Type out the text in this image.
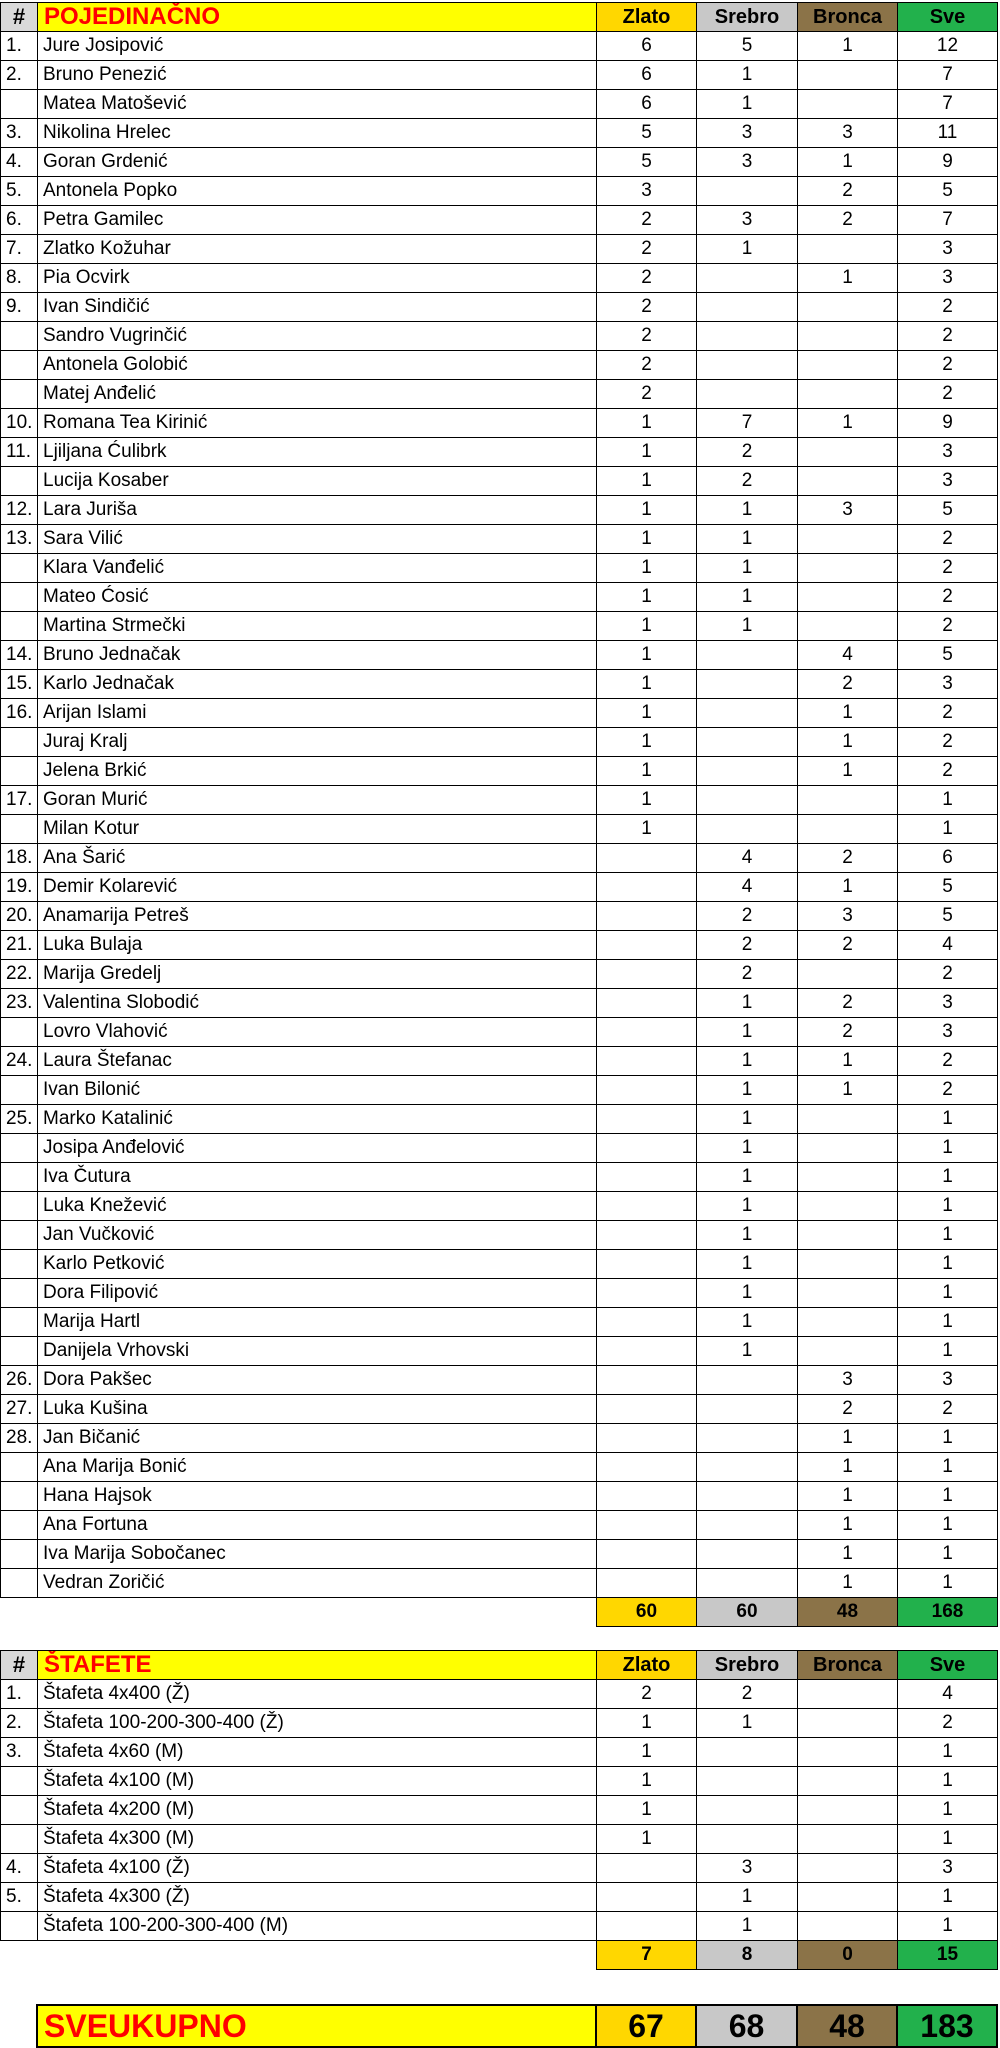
#	POJEDINAČNO	Zlato	Srebro	Bronca	Sve
1.	Jure Josipović	6	5	1	12
2.	Bruno Penezić	6	1		7
	Matea Matošević	6	1		7
3.	Nikolina Hrelec	5	3	3	11
4.	Goran Grdenić	5	3	1	9
5.	Antonela Popko	3		2	5
6.	Petra Gamilec	2	3	2	7
7.	Zlatko Kožuhar	2	1		3
8.	Pia Ocvirk	2		1	3
9.	Ivan Sindičić	2			2
	Sandro Vugrinčić	2			2
	Antonela Golobić	2			2
	Matej Anđelić	2			2
10.	Romana Tea Kirinić	1	7	1	9
11.	Ljiljana Ćulibrk	1	2		3
	Lucija Kosaber	1	2		3
12.	Lara Juriša	1	1	3	5
13.	Sara Vilić	1	1		2
	Klara Vanđelić	1	1		2
	Mateo Ćosić	1	1		2
	Martina Strmečki	1	1		2
14.	Bruno Jednačak	1		4	5
15.	Karlo Jednačak	1		2	3
16.	Arijan Islami	1		1	2
	Juraj Kralj	1		1	2
	Jelena Brkić	1		1	2
17.	Goran Murić	1			1
	Milan Kotur	1			1
18.	Ana Šarić		4	2	6
19.	Demir Kolarević		4	1	5
20.	Anamarija Petreš		2	3	5
21.	Luka Bulaja		2	2	4
22.	Marija Gredelj		2		2
23.	Valentina Slobodić		1	2	3
	Lovro Vlahović		1	2	3
24.	Laura Štefanac		1	1	2
	Ivan Bilonić		1	1	2
25.	Marko Katalinić		1		1
	Josipa Anđelović		1		1
	Iva Čutura		1		1
	Luka Knežević		1		1
	Jan Vučković		1		1
	Karlo Petković		1		1
	Dora Filipović		1		1
	Marija Hartl		1		1
	Danijela Vrhovski		1		1
26.	Dora Pakšec			3	3
27.	Luka Kušina			2	2
28.	Jan Bičanić			1	1
	Ana Marija Bonić			1	1
	Hana Hajsok			1	1
	Ana Fortuna			1	1
	Iva Marija Sobočanec			1	1
	Vedran Zoričić			1	1
		60	60	48	168
#	ŠTAFETE	Zlato	Srebro	Bronca	Sve
1.	Štafeta 4x400 (Ž)	2	2		4
2.	Štafeta 100-200-300-400 (Ž)	1	1		2
3.	Štafeta 4x60 (M)	1			1
	Štafeta 4x100 (M)	1			1
	Štafeta 4x200 (M)	1			1
	Štafeta 4x300 (M)	1			1
4.	Štafeta 4x100 (Ž)		3		3
5.	Štafeta 4x300 (Ž)		1		1
	Štafeta 100-200-300-400 (M)		1		1
		7	8	0	15
	SVEUKUPNO	67	68	48	183
